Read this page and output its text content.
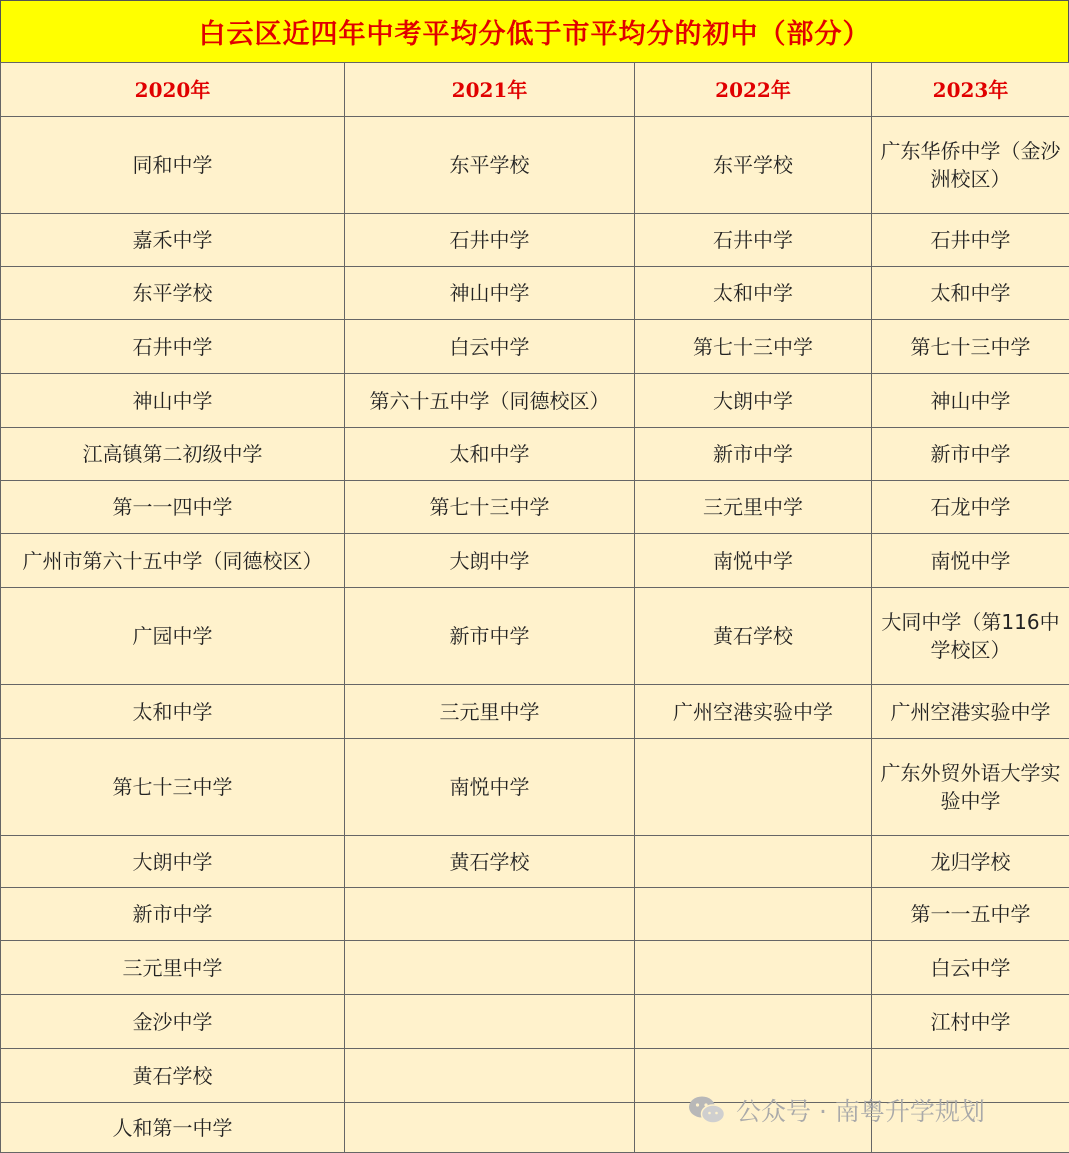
白云区近四年中考平均分低于市平均分的初中（部分）
2020年	2021年	2022年	2023年
同和中学	东平学校	东平学校	广东华侨中学（金沙洲校区）
嘉禾中学	石井中学	石井中学	石井中学
东平学校	神山中学	太和中学	太和中学
石井中学	白云中学	第七十三中学	第七十三中学
神山中学	第六十五中学（同德校区）	大朗中学	神山中学
江高镇第二初级中学	太和中学	新市中学	新市中学
第一一四中学	第七十三中学	三元里中学	石龙中学
广州市第六十五中学（同德校区）	大朗中学	南悦中学	南悦中学
广园中学	新市中学	黄石学校	大同中学（第116中学校区）
太和中学	三元里中学	广州空港实验中学	广州空港实验中学
第七十三中学	南悦中学		广东外贸外语大学实验中学
大朗中学	黄石学校		龙归学校
新市中学			第一一五中学
三元里中学			白云中学
金沙中学			江村中学
黄石学校			
人和第一中学			
公众号 · 南粤升学规划
